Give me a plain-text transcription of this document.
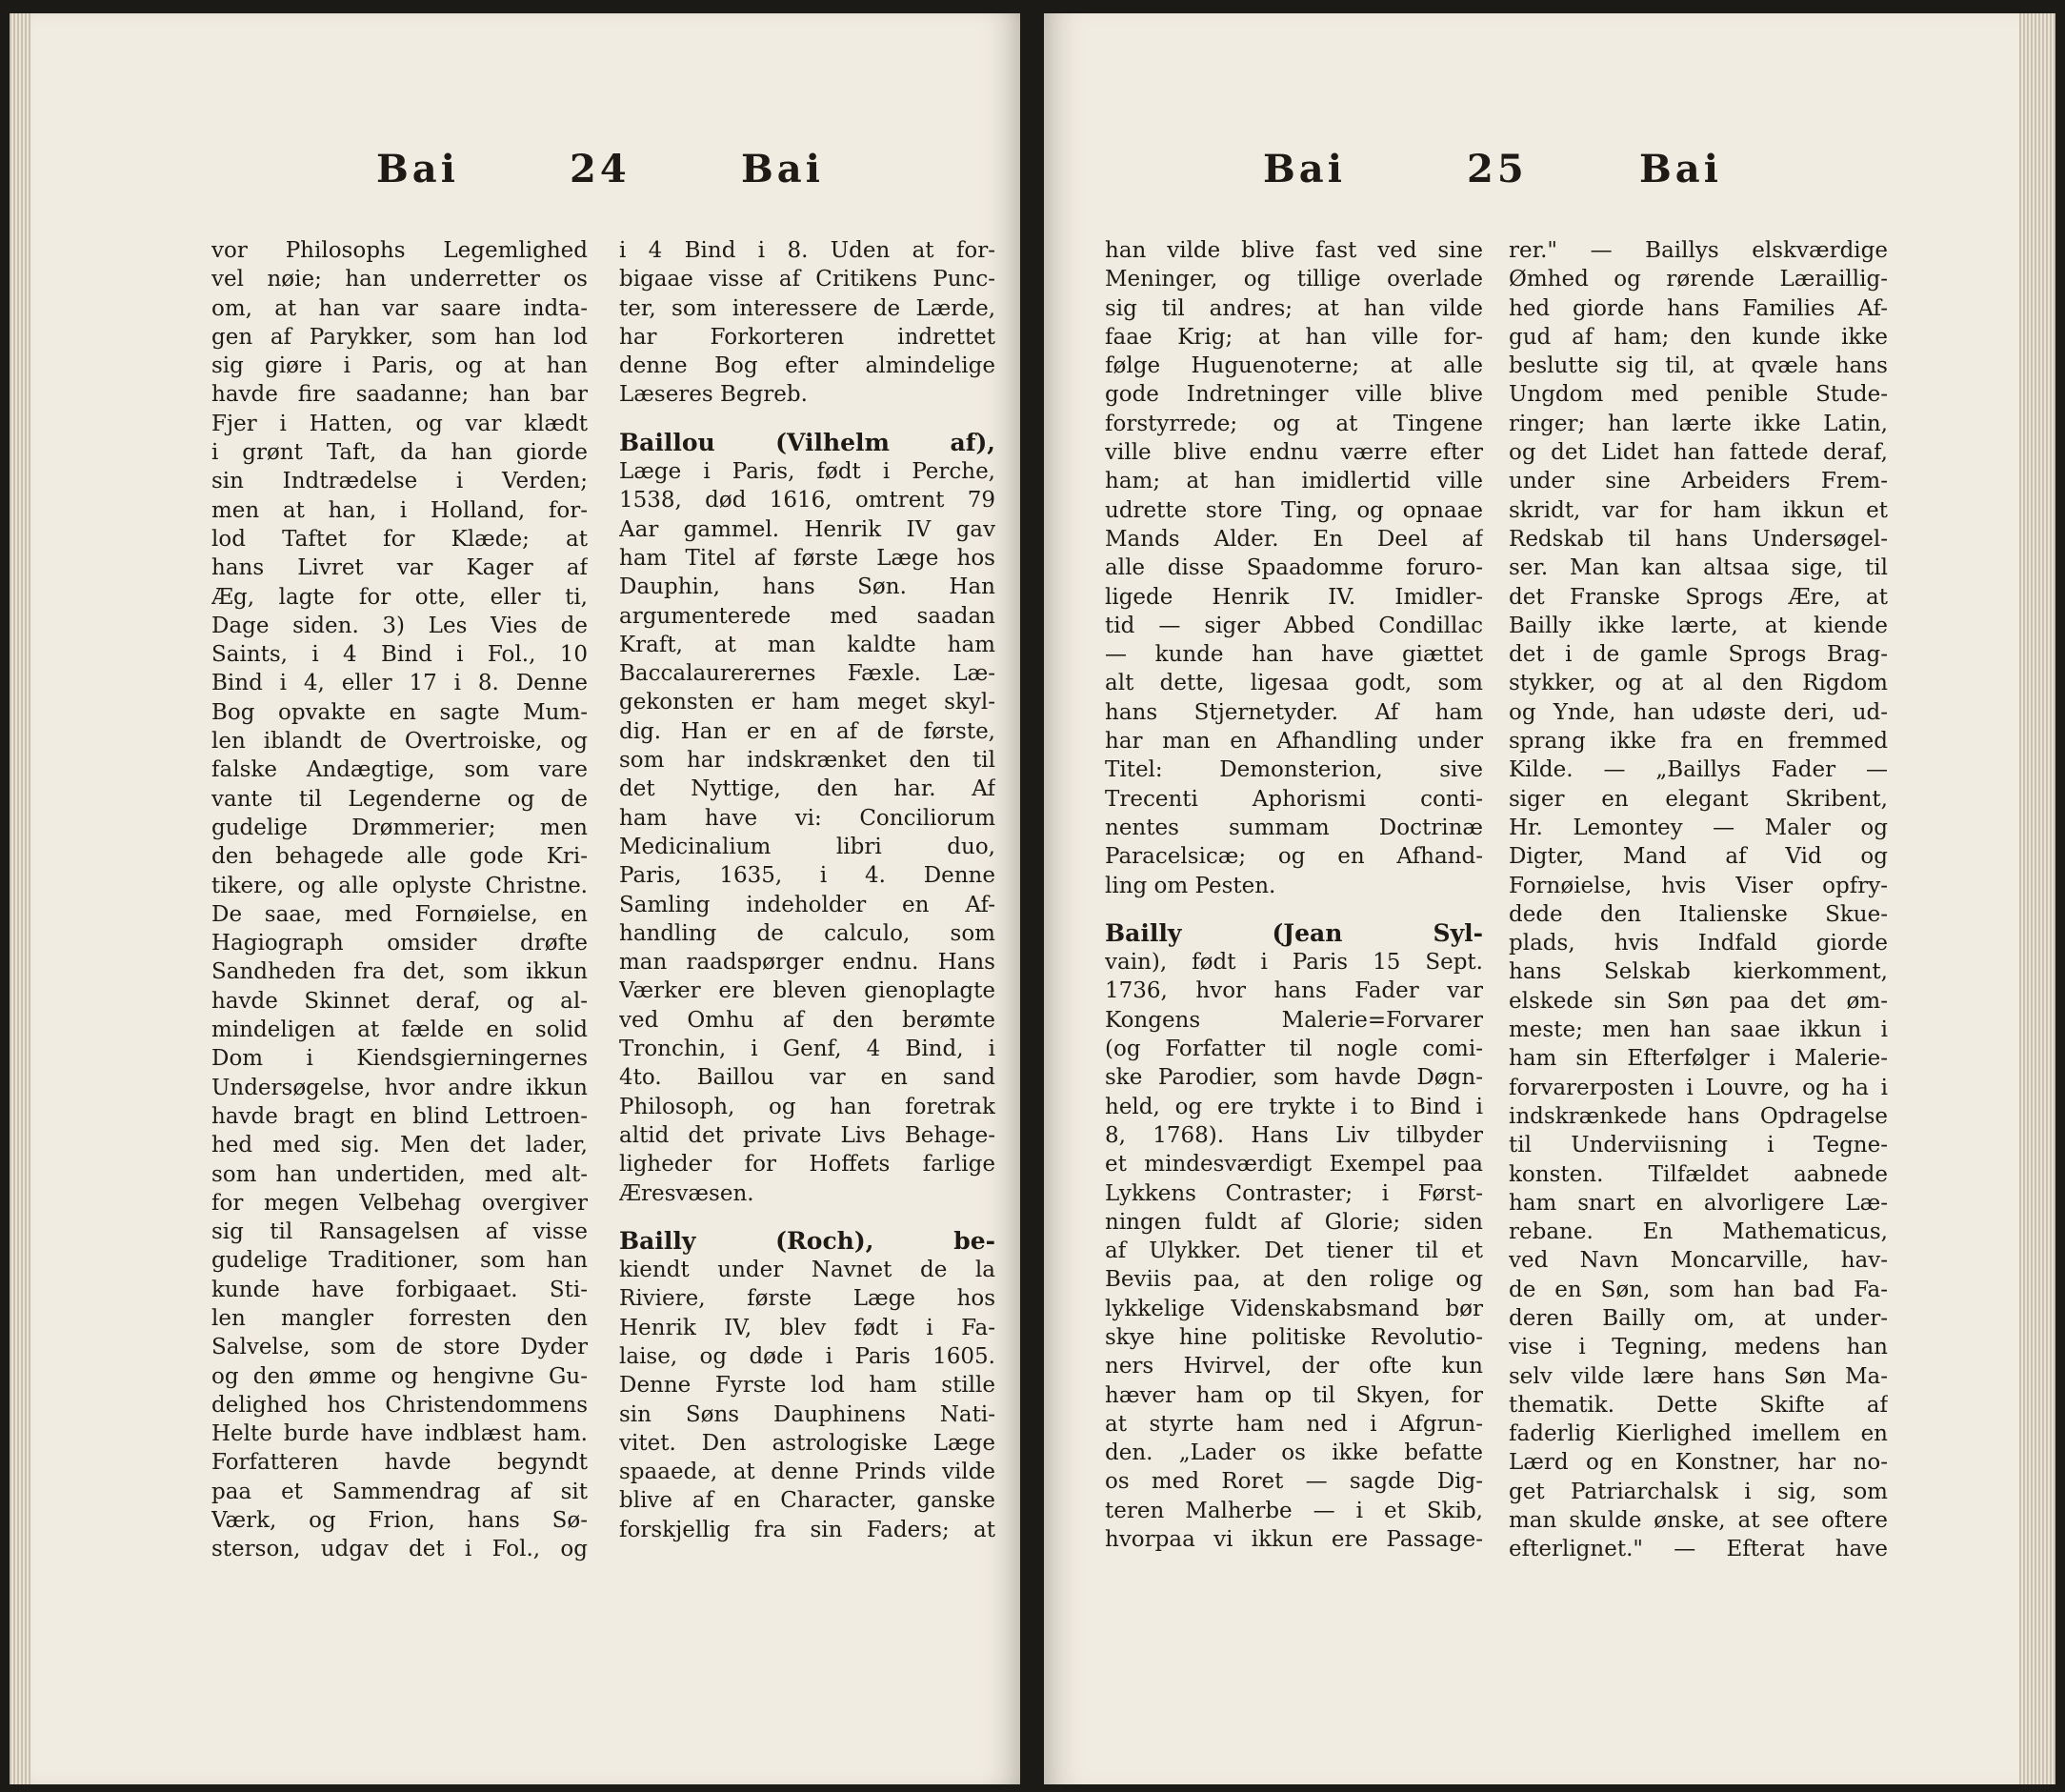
Bai	24	Bai
vor Philosophs Legemlighed
vel nøie; han underretter os
om, at han var saare indta-
gen af Parykker, som han lod
sig giøre i Paris, og at han
havde fire saadanne; han bar
Fjer i Hatten, og var klædt
i grønt Taft, da han giorde
sin Indtrædelse i Verden;
men at han, i Holland, for-
lod Taftet for Klæde; at
hans Livret var Kager af
Æg, lagte for otte, eller ti,
Dage siden. 3) Les Vies de
Saints, i 4 Bind i Fol., 10
Bind i 4, eller 17 i 8. Denne
Bog opvakte en sagte Mum-
len iblandt de Overtroiske, og
falske Andægtige, som vare
vante til Legenderne og de
gudelige Drømmerier; men
den behagede alle gode Kri-
tikere, og alle oplyste Christne.
De saae, med Fornøielse, en
Hagiograph omsider drøfte
Sandheden fra det, som ikkun
havde Skinnet deraf, og al-
mindeligen at fælde en solid
Dom i Kiendsgierningernes
Undersøgelse, hvor andre ikkun
havde bragt en blind Lettroen-
hed med sig. Men det lader,
som han undertiden, med alt-
for megen Velbehag overgiver
sig til Ransagelsen af visse
gudelige Traditioner, som han
kunde have forbigaaet. Sti-
len mangler forresten den
Salvelse, som de store Dyder
og den ømme og hengivne Gu-
delighed hos Christendommens
Helte burde have indblæst ham.
Forfatteren havde begyndt
paa et Sammendrag af sit
Værk, og Frion, hans Sø-
sterson, udgav det i Fol., og
i 4 Bind i 8. Uden at for-
bigaae visse af Critikens Punc-
ter, som interessere de Lærde,
har Forkorteren indrettet
denne Bog efter almindelige
Læseres Begreb.
Baillou (Vilhelm af),
Læge i Paris, født i Perche,
1538, død 1616, omtrent 79
Aar gammel. Henrik IV gav
ham Titel af første Læge hos
Dauphin, hans Søn. Han
argumenterede med saadan
Kraft, at man kaldte ham
Baccalaurerernes Fæxle. Læ-
gekonsten er ham meget skyl-
dig. Han er en af de første,
som har indskrænket den til
det Nyttige, den har. Af
ham have vi: Conciliorum
Medicinalium libri duo,
Paris, 1635, i 4. Denne
Samling indeholder en Af-
handling de calculo, som
man raadspørger endnu. Hans
Værker ere bleven gienoplagte
ved Omhu af den berømte
Tronchin, i Genf, 4 Bind, i
4to. Baillou var en sand
Philosoph, og han foretrak
altid det private Livs Behage-
ligheder for Hoffets farlige
Æresvæsen.
Bailly (Roch), be-
kiendt under Navnet de la
Riviere, første Læge hos
Henrik IV, blev født i Fa-
laise, og døde i Paris 1605.
Denne Fyrste lod ham stille
sin Søns Dauphinens Nati-
vitet. Den astrologiske Læge
spaaede, at denne Prinds vilde
blive af en Character, ganske
forskjellig fra sin Faders; at
Bai	25	Bai
han vilde blive fast ved sine
Meninger, og tillige overlade
sig til andres; at han vilde
faae Krig; at han ville for-
følge Huguenoterne; at alle
gode Indretninger ville blive
forstyrrede; og at Tingene
ville blive endnu værre efter
ham; at han imidlertid ville
udrette store Ting, og opnaae
Mands Alder. En Deel af
alle disse Spaadomme foruro-
ligede Henrik IV. Imidler-
tid — siger Abbed Condillac
— kunde han have giættet
alt dette, ligesaa godt, som
hans Stjernetyder. Af ham
har man en Afhandling under
Titel: Demonsterion, sive
Trecenti Aphorismi conti-
nentes summam Doctrinæ
Paracelsicæ; og en Afhand-
ling om Pesten.
Bailly (Jean Syl-
vain), født i Paris 15 Sept.
1736, hvor hans Fader var
Kongens Malerie=Forvarer
(og Forfatter til nogle comi-
ske Parodier, som havde Døgn-
held, og ere trykte i to Bind i
8, 1768). Hans Liv tilbyder
et mindesværdigt Exempel paa
Lykkens Contraster; i Først-
ningen fuldt af Glorie; siden
af Ulykker. Det tiener til et
Beviis paa, at den rolige og
lykkelige Videnskabsmand bør
skye hine politiske Revolutio-
ners Hvirvel, der ofte kun
hæver ham op til Skyen, for
at styrte ham ned i Afgrun-
den. „Lader os ikke befatte
os med Roret — sagde Dig-
teren Malherbe — i et Skib,
hvorpaa vi ikkun ere Passage-
rer." — Baillys elskværdige
Ømhed og rørende Læraillig-
hed giorde hans Families Af-
gud af ham; den kunde ikke
beslutte sig til, at qvæle hans
Ungdom med penible Stude-
ringer; han lærte ikke Latin,
og det Lidet han fattede deraf,
under sine Arbeiders Frem-
skridt, var for ham ikkun et
Redskab til hans Undersøgel-
ser. Man kan altsaa sige, til
det Franske Sprogs Ære, at
Bailly ikke lærte, at kiende
det i de gamle Sprogs Brag-
stykker, og at al den Rigdom
og Ynde, han udøste deri, ud-
sprang ikke fra en fremmed
Kilde. — „Baillys Fader —
siger en elegant Skribent,
Hr. Lemontey — Maler og
Digter, Mand af Vid og
Fornøielse, hvis Viser opfry-
dede den Italienske Skue-
plads, hvis Indfald giorde
hans Selskab kierkomment,
elskede sin Søn paa det øm-
meste; men han saae ikkun i
ham sin Efterfølger i Malerie-
forvarerposten i Louvre, og ha i
indskrænkede hans Opdragelse
til Underviisning i Tegne-
konsten. Tilfældet aabnede
ham snart en alvorligere Læ-
rebane. En Mathematicus,
ved Navn Moncarville, hav-
de en Søn, som han bad Fa-
deren Bailly om, at under-
vise i Tegning, medens han
selv vilde lære hans Søn Ma-
thematik. Dette Skifte af
faderlig Kierlighed imellem en
Lærd og en Konstner, har no-
get Patriarchalsk i sig, som
man skulde ønske, at see oftere
efterlignet." — Efterat have
